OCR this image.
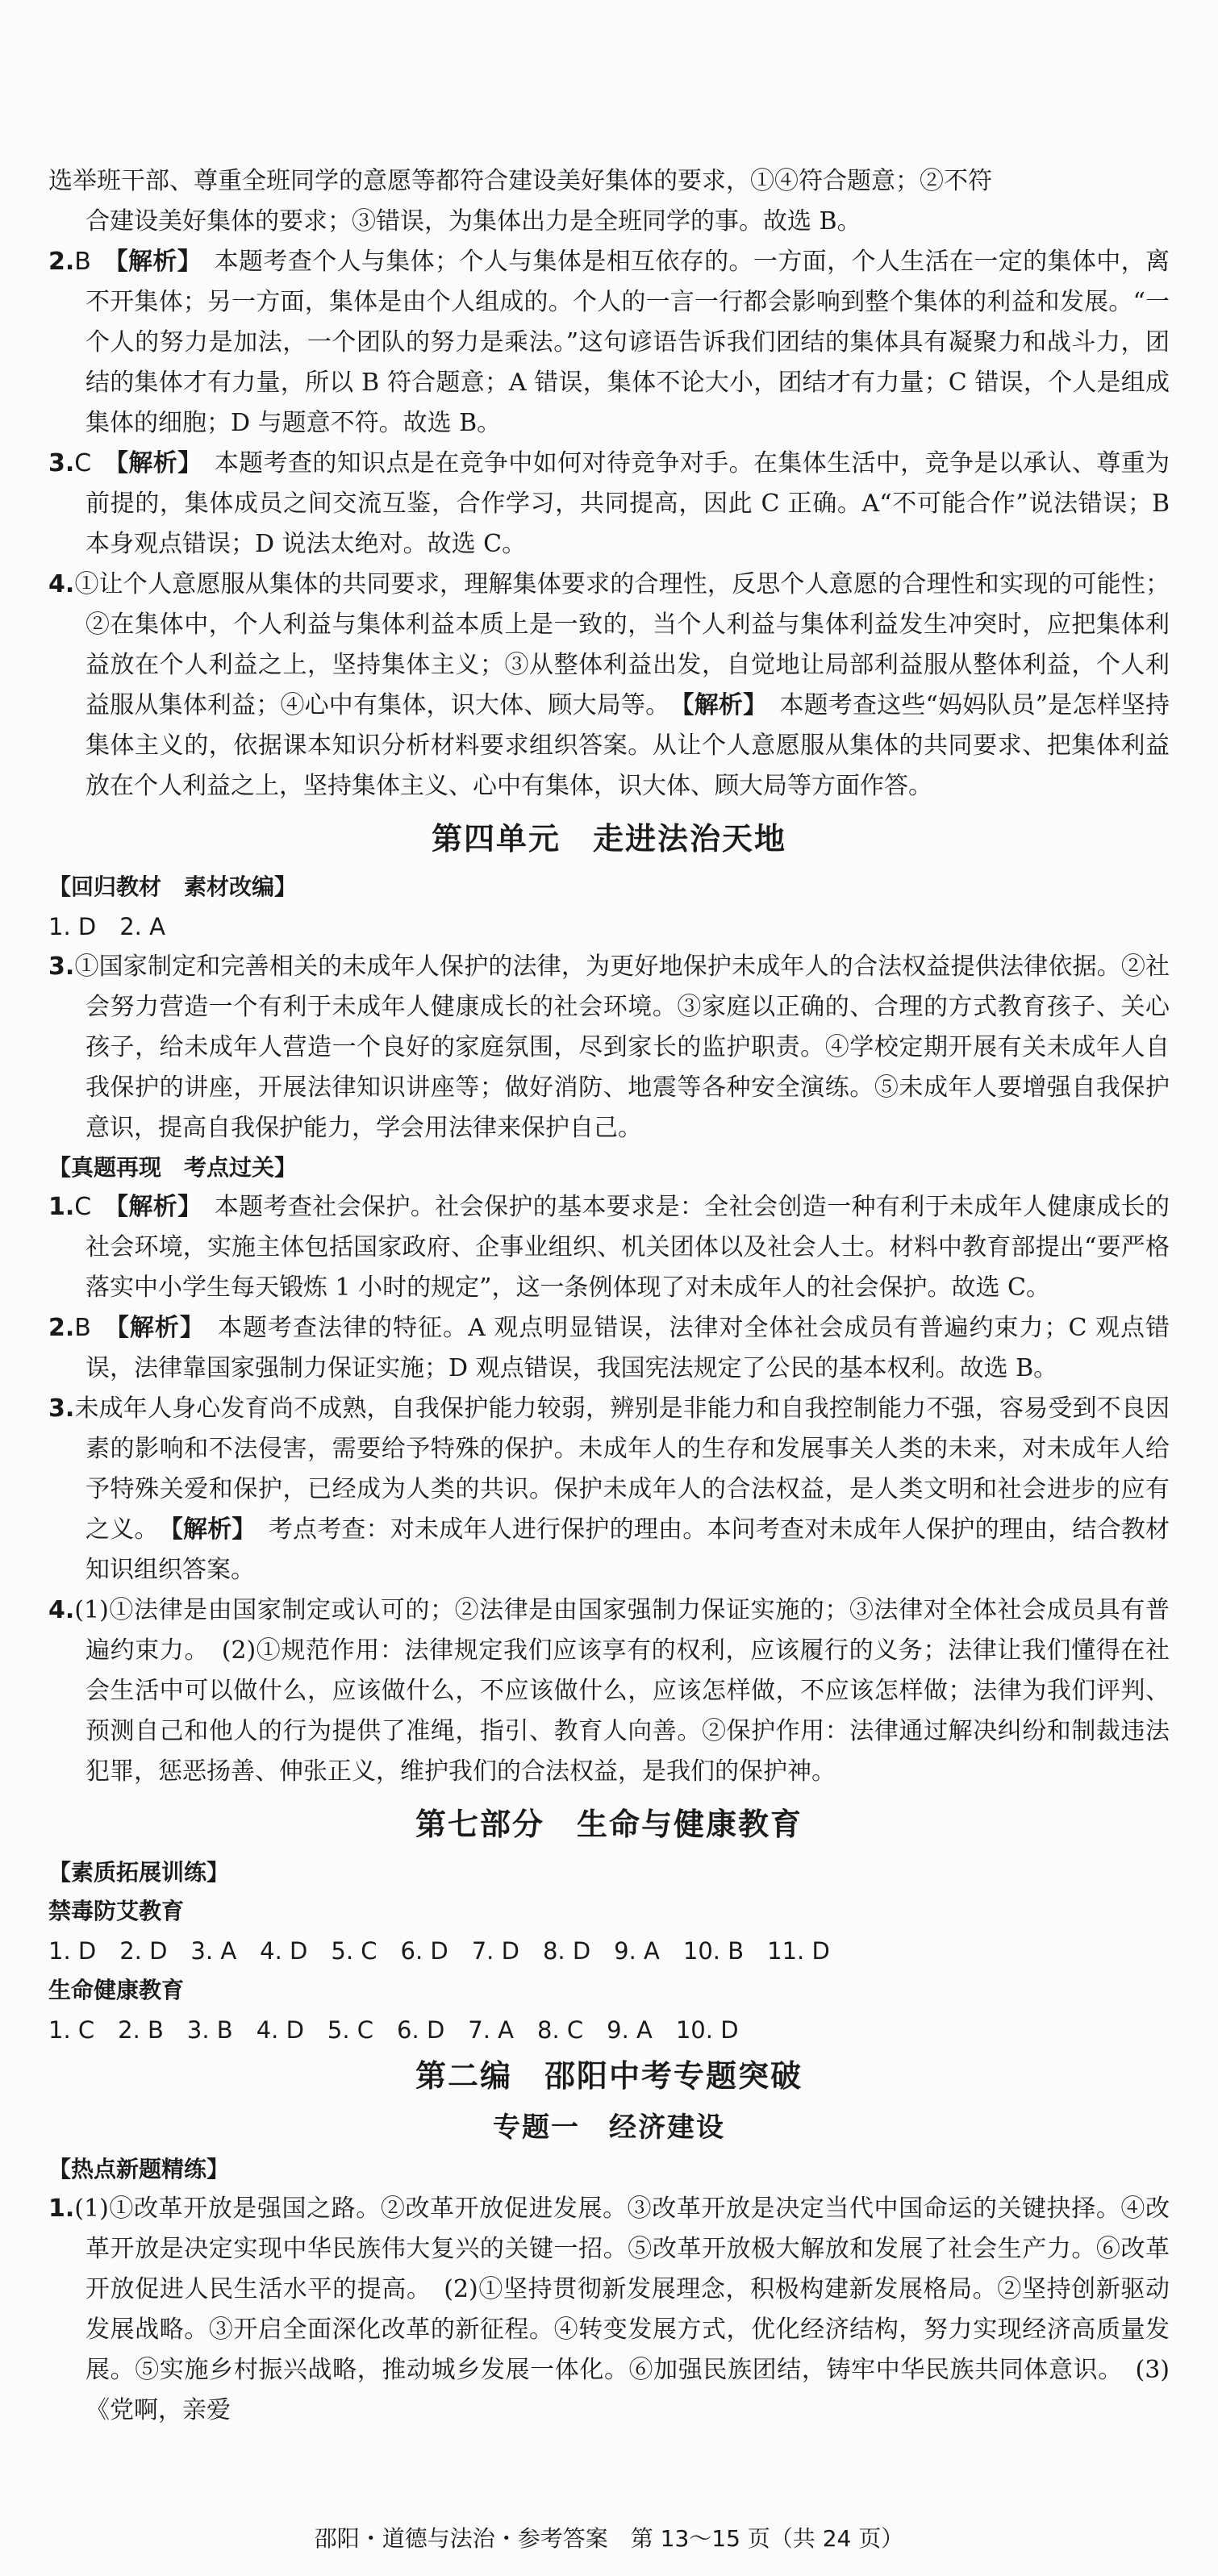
选举班干部、尊重全班同学的意愿等都符合建设美好集体的要求，①④符合题意；②不符

合建设美好集体的要求；③错误，为集体出力是全班同学的事。故选 B。

2.B　 【解析】　 本题考查个人与集体；个人与集体是相互依存的。一方面，个人生活在一定的集体中，离不开集体；另一方面，集体是由个人组成的。个人的一言一行都会影响到整个集体的利益和发展。“一个人的努力是加法，一个团队的努力是乘法。”这句谚语告诉我们团结的集体具有凝聚力和战斗力，团结的集体才有力量，所以 B 符合题意；A 错误，集体不论大小，团结才有力量；C 错误，个人是组成集体的细胞；D 与题意不符。故选 B。

3.C　 【解析】　 本题考查的知识点是在竞争中如何对待竞争对手。在集体生活中，竞争是以承认、尊重为前提的，集体成员之间交流互鉴，合作学习，共同提高，因此 C 正确。A“不可能合作”说法错误；B 本身观点错误；D 说法太绝对。故选 C。

4.①让个人意愿服从集体的共同要求，理解集体要求的合理性，反思个人意愿的合理性和实现的可能性；②在集体中，个人利益与集体利益本质上是一致的，当个人利益与集体利益发生冲突时，应把集体利益放在个人利益之上，坚持集体主义；③从整体利益出发，自觉地让局部利益服从整体利益，个人利益服从集体利益；④心中有集体，识大体、顾大局等。　 【解析】　 本题考查这些“妈妈队员”是怎样坚持集体主义的，依据课本知识分析材料要求组织答案。从让个人意愿服从集体的共同要求、把集体利益放在个人利益之上，坚持集体主义、心中有集体，识大体、顾大局等方面作答。

第四单元　走进法治天地

【回归教材　素材改编】

1. D　2. A

3.①国家制定和完善相关的未成年人保护的法律，为更好地保护未成年人的合法权益提供法律依据。②社会努力营造一个有利于未成年人健康成长的社会环境。③家庭以正确的、合理的方式教育孩子、关心孩子，给未成年人营造一个良好的家庭氛围，尽到家长的监护职责。④学校定期开展有关未成年人自我保护的讲座，开展法律知识讲座等；做好消防、地震等各种安全演练。⑤未成年人要增强自我保护意识，提高自我保护能力，学会用法律来保护自己。

【真题再现　考点过关】

1.C　 【解析】　 本题考查社会保护。社会保护的基本要求是：全社会创造一种有利于未成年人健康成长的社会环境，实施主体包括国家政府、企事业组织、机关团体以及社会人士。材料中教育部提出“要严格落实中小学生每天锻炼 1 小时的规定”，这一条例体现了对未成年人的社会保护。故选 C。

2.B　 【解析】　 本题考查法律的特征。A 观点明显错误，法律对全体社会成员有普遍约束力；C 观点错误，法律靠国家强制力保证实施；D 观点错误，我国宪法规定了公民的基本权利。故选 B。

3.未成年人身心发育尚不成熟，自我保护能力较弱，辨别是非能力和自我控制能力不强，容易受到不良因素的影响和不法侵害，需要给予特殊的保护。未成年人的生存和发展事关人类的未来，对未成年人给予特殊关爱和保护，已经成为人类的共识。保护未成年人的合法权益，是人类文明和社会进步的应有之义。　 【解析】　 考点考查：对未成年人进行保护的理由。本问考查对未成年人保护的理由，结合教材知识组织答案。

4.(1)①法律是由国家制定或认可的；②法律是由国家强制力保证实施的；③法律对全体社会成员具有普遍约束力。　(2)①规范作用：法律规定我们应该享有的权利，应该履行的义务；法律让我们懂得在社会生活中可以做什么，应该做什么，不应该做什么，应该怎样做，不应该怎样做；法律为我们评判、预测自己和他人的行为提供了准绳，指引、教育人向善。②保护作用：法律通过解决纠纷和制裁违法犯罪，惩恶扬善、伸张正义，维护我们的合法权益，是我们的保护神。

第七部分　生命与健康教育

【素质拓展训练】

禁毒防艾教育

1. D　2. D　3. A　4. D　5. C　6. D　7. D　8. D　9. A　10. B　11. D

生命健康教育

1. C　2. B　3. B　4. D　5. C　6. D　7. A　8. C　9. A　10. D

第二编　邵阳中考专题突破
专题一　经济建设

【热点新题精练】

1.(1)①改革开放是强国之路。②改革开放促进发展。③改革开放是决定当代中国命运的关键抉择。④改革开放是决定实现中华民族伟大复兴的关键一招。⑤改革开放极大解放和发展了社会生产力。⑥改革开放促进人民生活水平的提高。　(2)①坚持贯彻新发展理念，积极构建新发展格局。②坚持创新驱动发展战略。③开启全面深化改革的新征程。④转变发展方式，优化经济结构，努力实现经济高质量发展。⑤实施乡村振兴战略，推动城乡发展一体化。⑥加强民族团结，铸牢中华民族共同体意识。　(3)《党啊，亲爱

邵阳・道德与法治・参考答案　第 13～15 页（共 24 页）
